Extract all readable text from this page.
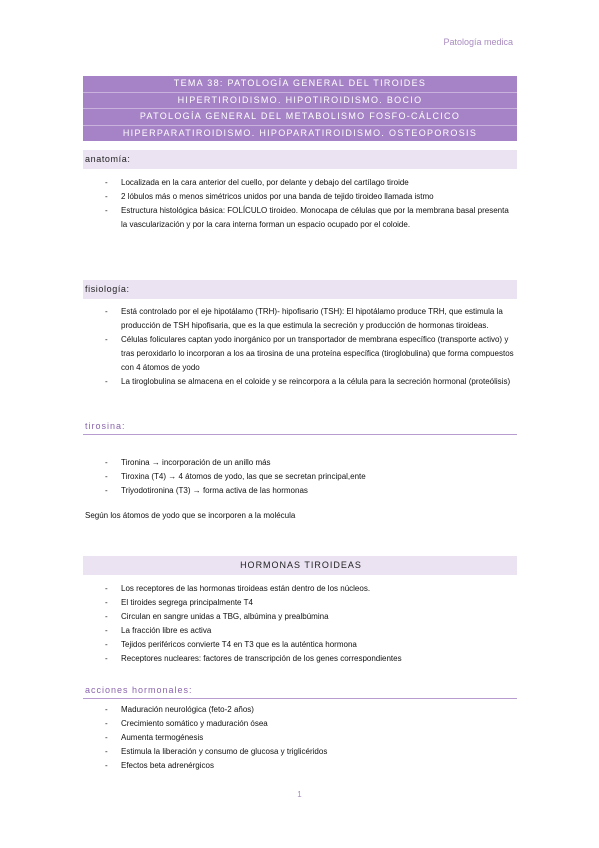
Patología medica
TEMA 38: PATOLOGÍA GENERAL DEL TIROIDES
HIPERTIROIDISMO. HIPOTIROIDISMO. BOCIO
PATOLOGÍA GENERAL DEL METABOLISMO FOSFO-CÁLCICO
HIPERPARATIROIDISMO. HIPOPARATIROIDISMO. OSTEOPOROSIS
anatomía:
- Localizada en la cara anterior del cuello, por delante y debajo del cartílago tiroide
- 2 lóbulos más o menos simétricos unidos por una banda de tejido tiroideo llamada istmo
- Estructura histológica básica: FOLÍCULO tiroideo. Monocapa de células que por la membrana basal presenta la vascularización y por la cara interna forman un espacio ocupado por el coloide.
fisiología:
- Está controlado por el eje hipotálamo (TRH)- hipofisario (TSH): El hipotálamo produce TRH, que estimula la producción de TSH hipofisaria, que es la que estimula la secreción y producción de hormonas tiroideas.
- Células foliculares captan yodo inorgánico por un transportador de membrana específico (transporte activo) y tras peroxidarlo lo incorporan a los aa tirosina de una proteína específica (tiroglobulina) que forma compuestos con 4 átomos de yodo
- La tiroglobulina se almacena en el coloide y se reincorpora a la célula para la secreción hormonal (proteólisis)
tirosina:
- Tironina → incorporación de un anillo más
- Tiroxina (T4) → 4 átomos de yodo, las que se secretan principal,ente
- Triyodotironina (T3) → forma activa de las hormonas
Según los átomos de yodo que se incorporen a la molécula
HORMONAS TIROIDEAS
- Los receptores de las hormonas tiroideas están dentro de los núcleos.
- El tiroides segrega principalmente T4
- Circulan en sangre unidas a TBG, albúmina y prealbúmina
- La fracción libre es activa
- Tejidos periféricos convierte T4 en T3 que es la auténtica hormona
- Receptores nucleares: factores de transcripción de los genes correspondientes
acciones hormonales:
- Maduración neurológica (feto-2 años)
- Crecimiento somático y maduración ósea
- Aumenta termogénesis
- Estimula la liberación y consumo de glucosa y triglicéridos
- Efectos beta adrenérgicos
1
